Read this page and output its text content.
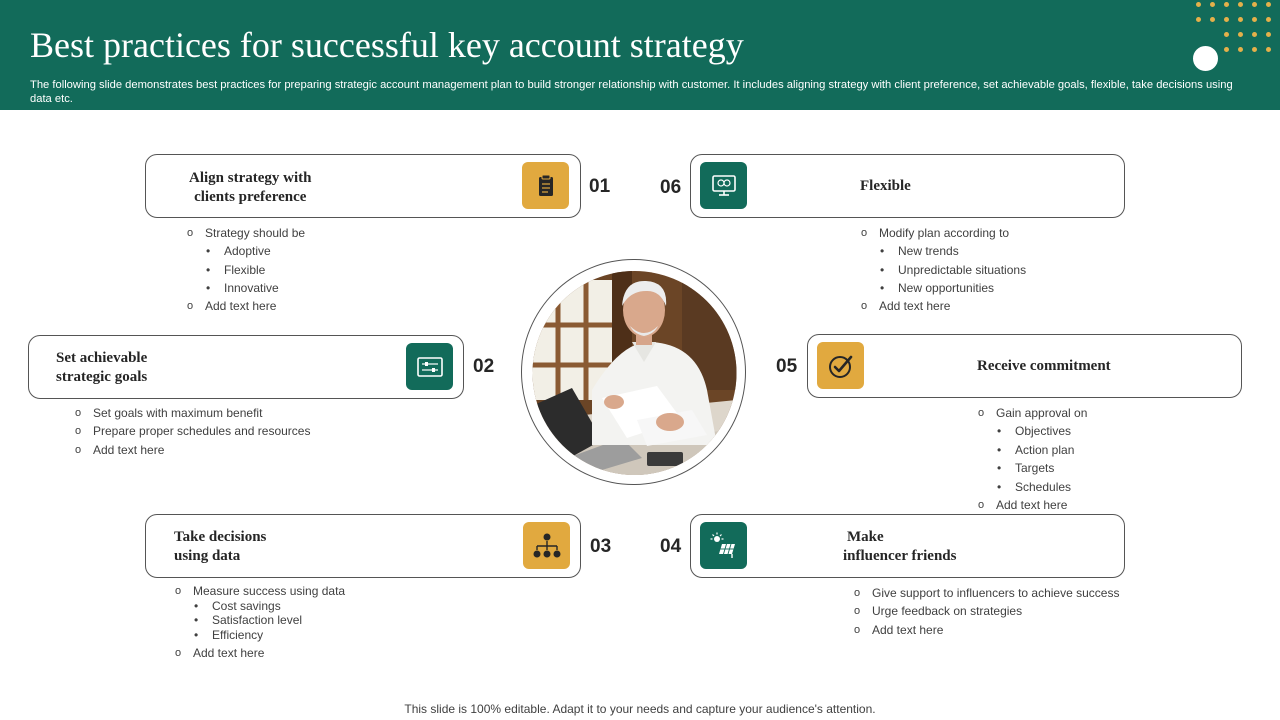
Best practices for successful key account strategy
The following slide demonstrates best practices for preparing strategic account management plan to build stronger relationship with customer. It includes aligning strategy with client preference, set achievable goals, flexible, take decisions using data etc.
Align strategy with
clients preference	01
o Strategy should be
• Adoptive
• Flexible
• Innovative
o Add text here
Set achievable
strategic goals	02
o Set goals with maximum benefit
o Prepare proper schedules and resources
o Add text here
Take decisions
using data	03
o Measure success using data
• Cost savings
• Satisfaction level
• Efficiency
o Add text here
Flexible
06
o Modify plan according to
• New trends
• Unpredictable situations
• New opportunities
o Add text here
Receive commitment
05
o Gain approval on
• Objectives
• Action plan
• Targets
• Schedules
o Add text here
Make
influencer friends
04
o Give support to influencers to achieve success
o Urge feedback on strategies
o Add text here
This slide is 100% editable. Adapt it to your needs and capture your audience's attention.
